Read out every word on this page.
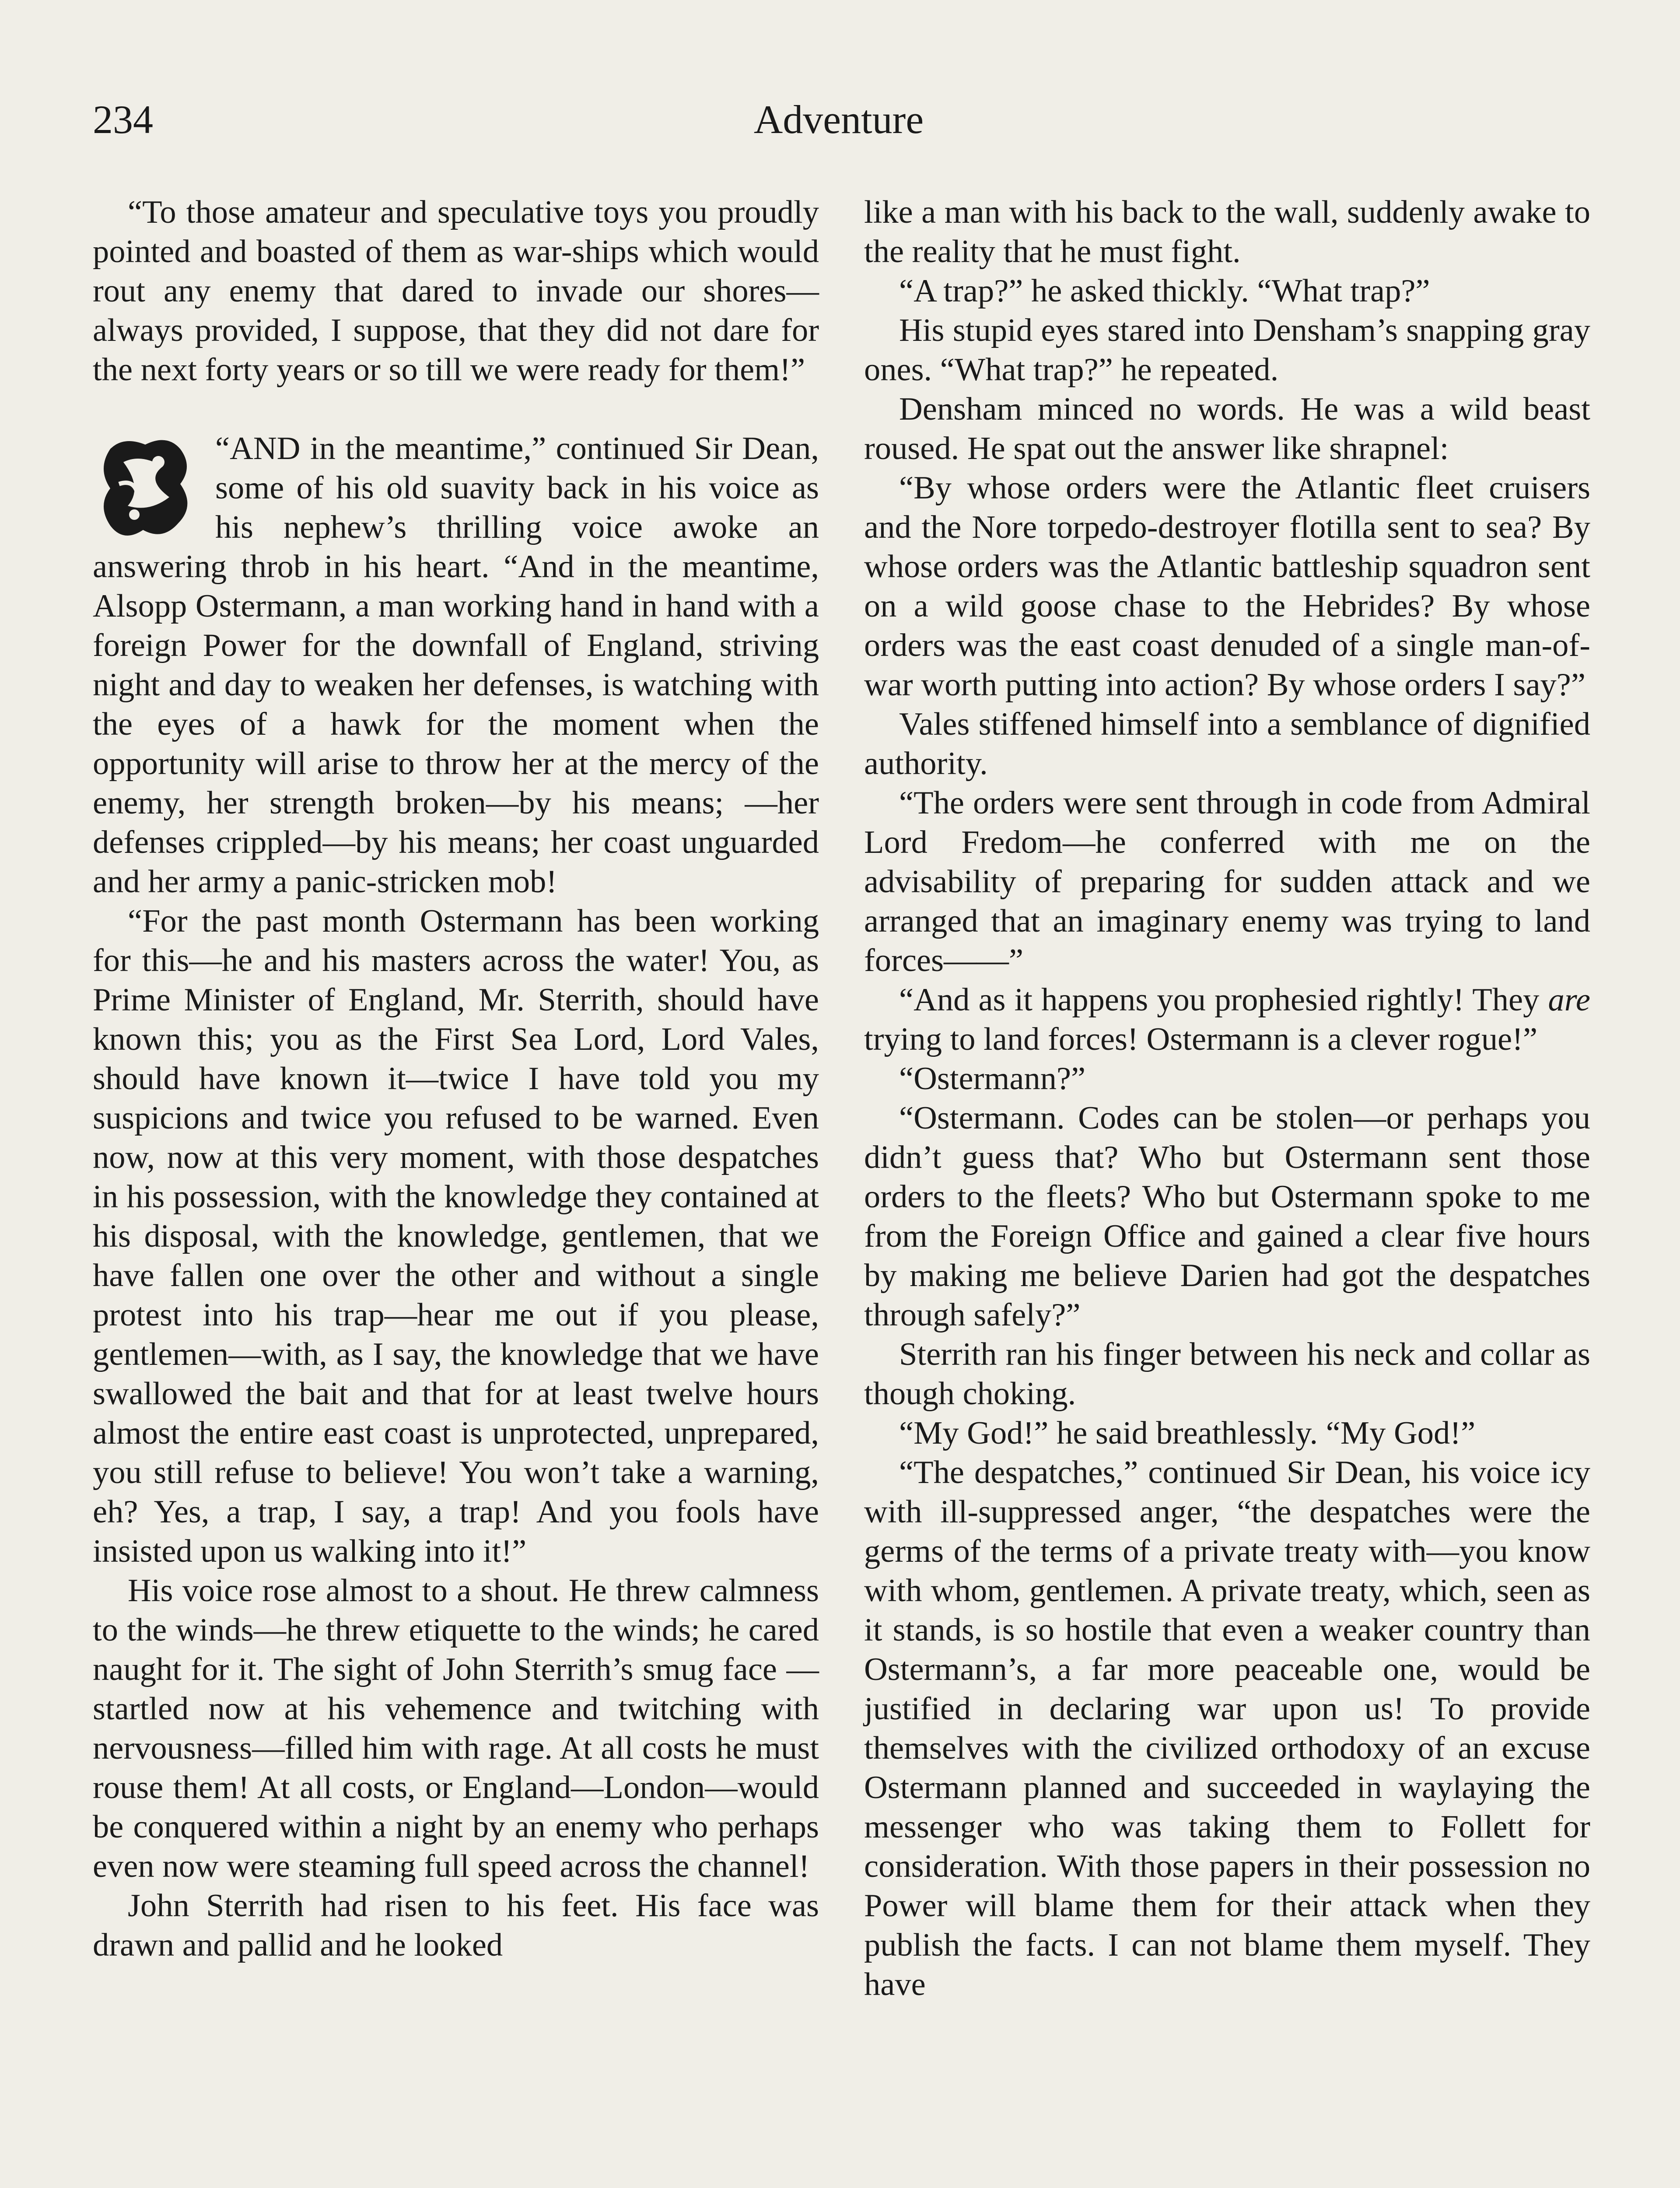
234	Adventure

“To those amateur and speculative toys you proudly pointed and boasted of them as war-ships which would rout any enemy that dared to invade our shores—always provided, I suppose, that they did not dare for the next forty years or so till we were ready for them!”

“AND in the meantime,” continued Sir Dean, some of his old suavity back in his voice as his nephew’s thrilling voice awoke an answering throb in his heart. “And in the meantime, Alsopp Ostermann, a man working hand in hand with a foreign Power for the downfall of England, striving night and day to weaken her defenses, is watching with the eyes of a hawk for the moment when the opportunity will arise to throw her at the mercy of the enemy, her strength broken—by his means; —her defenses crippled—by his means; her coast unguarded and her army a panic-stricken mob!

“For the past month Ostermann has been working for this—he and his masters across the water! You, as Prime Minister of England, Mr. Sterrith, should have known this; you as the First Sea Lord, Lord Vales, should have known it—twice I have told you my suspicions and twice you refused to be warned. Even now, now at this very moment, with those despatches in his possession, with the knowledge they contained at his disposal, with the knowledge, gentlemen, that we have fallen one over the other and without a single protest into his trap—hear me out if you please, gentlemen—with, as I say, the knowledge that we have swallowed the bait and that for at least twelve hours almost the entire east coast is unprotected, unprepared, you still refuse to believe! You won’t take a warning, eh? Yes, a trap, I say, a trap! And you fools have insisted upon us walking into it!”

His voice rose almost to a shout. He threw calmness to the winds—he threw etiquette to the winds; he cared naught for it. The sight of John Sterrith’s smug face —startled now at his vehemence and twitching with nervousness—filled him with rage. At all costs he must rouse them! At all costs, or England—London—would be conquered within a night by an enemy who perhaps even now were steaming full speed across the channel!

John Sterrith had risen to his feet. His face was drawn and pallid and he looked

like a man with his back to the wall, suddenly awake to the reality that he must fight.

“A trap?” he asked thickly. “What trap?”

His stupid eyes stared into Densham’s snapping gray ones. “What trap?” he repeated.

Densham minced no words. He was a wild beast roused. He spat out the answer like shrapnel:

“By whose orders were the Atlantic fleet cruisers and the Nore torpedo-destroyer flotilla sent to sea? By whose orders was the Atlantic battleship squadron sent on a wild goose chase to the Hebrides? By whose orders was the east coast denuded of a single man-of-war worth putting into action? By whose orders I say?”

Vales stiffened himself into a semblance of dignified authority.

“The orders were sent through in code from Admiral Lord Fredom—he conferred with me on the advisability of preparing for sudden attack and we arranged that an imaginary enemy was trying to land forces——”

“And as it happens you prophesied rightly! They are trying to land forces! Ostermann is a clever rogue!”

“Ostermann?”

“Ostermann. Codes can be stolen—or perhaps you didn’t guess that? Who but Ostermann sent those orders to the fleets? Who but Ostermann spoke to me from the Foreign Office and gained a clear five hours by making me believe Darien had got the despatches through safely?”

Sterrith ran his finger between his neck and collar as though choking.

“My God!” he said breathlessly. “My God!”

“The despatches,” continued Sir Dean, his voice icy with ill-suppressed anger, “the despatches were the germs of the terms of a private treaty with—you know with whom, gentlemen. A private treaty, which, seen as it stands, is so hostile that even a weaker country than Ostermann’s, a far more peaceable one, would be justified in declaring war upon us! To provide themselves with the civilized orthodoxy of an excuse Ostermann planned and succeeded in waylaying the messenger who was taking them to Follett for consideration. With those papers in their possession no Power will blame them for their attack when they publish the facts. I can not blame them myself. They have
